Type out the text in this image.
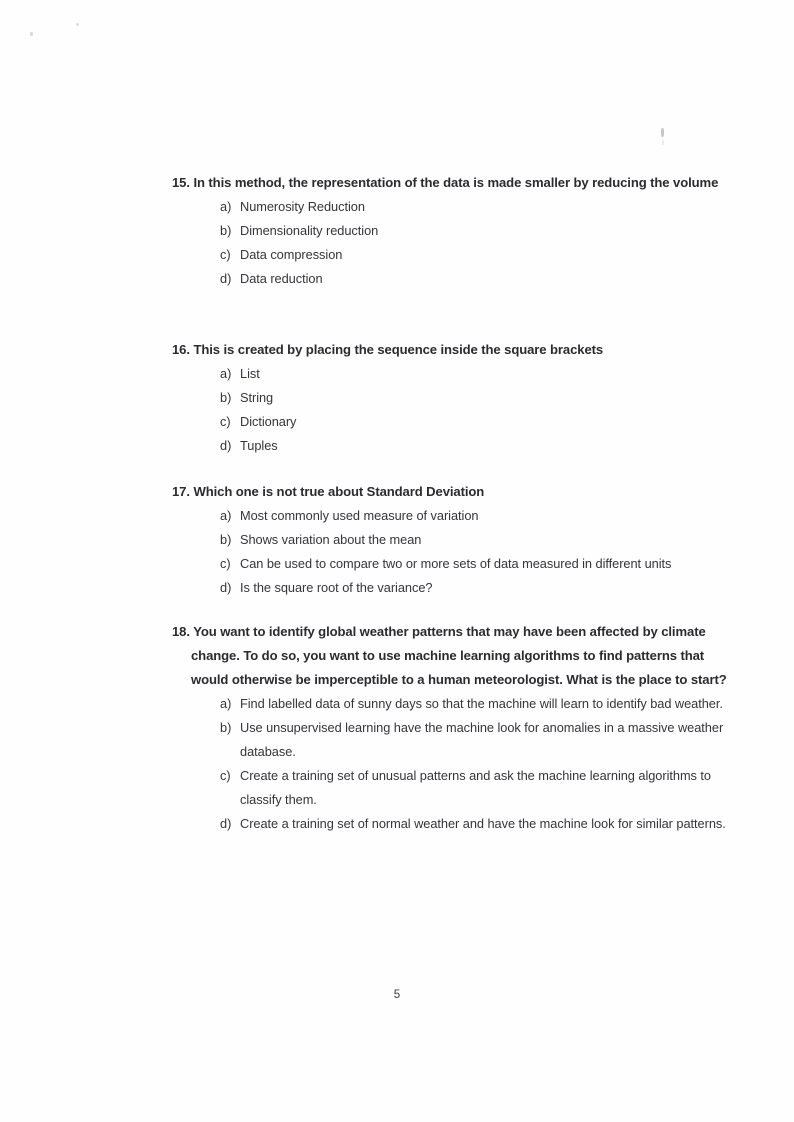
15. In this method, the representation of the data is made smaller by reducing the volume
a) Numerosity Reduction
b) Dimensionality reduction
c) Data compression
d) Data reduction
16. This is created by placing the sequence inside the square brackets
a) List
b) String
c) Dictionary
d) Tuples
17. Which one is not true about Standard Deviation
a) Most commonly used measure of variation
b) Shows variation about the mean
c) Can be used to compare two or more sets of data measured in different units
d) Is the square root of the variance?
18. You want to identify global weather patterns that may have been affected by climate change. To do so, you want to use machine learning algorithms to find patterns that would otherwise be imperceptible to a human meteorologist. What is the place to start?
a) Find labelled data of sunny days so that the machine will learn to identify bad weather.
b) Use unsupervised learning have the machine look for anomalies in a massive weather database.
c) Create a training set of unusual patterns and ask the machine learning algorithms to classify them.
d) Create a training set of normal weather and have the machine look for similar patterns.
5
